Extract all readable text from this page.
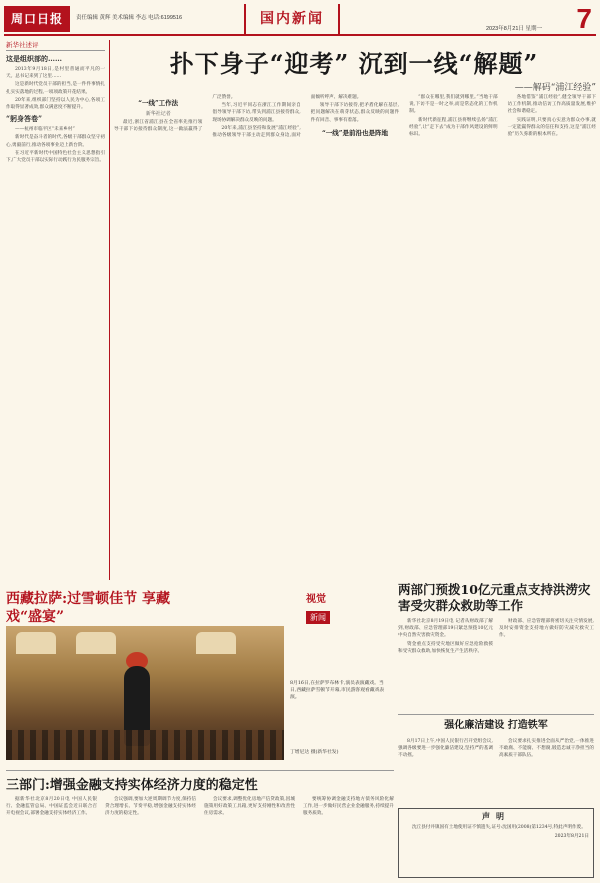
周口日报	责任编辑 黄辉 美术编辑 李志 电话:6199516	国内新闻
2023年8月21日 星期一 7
新华社述评
这是组织部的……

2013年9月18日,是村里普通而平凡的一天。总书记来到了这里……

这是新时代党员干部的担当,是一件件事情扎扎实实落地的过程,一项项政策开花结果。

20年来,组织部门坚持以人民为中心,各项工作取得显著成效,群众满意度不断提升。

“躬身答卷”

——杭州市临平区“未来乡村”

新时代是奋斗者的时代,各级干部群众坚守初心,勇毅前行,推动各项事业迈上新台阶。

在习近平新时代中国特色社会主义思想指引下,广大党员干部以实际行动践行为民服务宗旨。

扑下身子“迎考” 沉到一线“解题”
——解码“浦江经验”
“一线”工作法
新华社记者

最近,浙江省浦江县在全省率先推行领导干部下访接待群众制度,这一做法赢得了广泛赞誉。

当年,习近平同志在浙江工作期间亲自倡导领导干部下访,带头到浦江县接待群众,现场协调解决群众反映的问题。

20年来,浦江县坚持和发展“浦江经验”,推动各级领导干部主动走到群众身边,面对面倾听呼声、解决难题。

领导干部下访接待,把矛盾化解在基层,把问题解决在萌芽状态,群众反映的问题件件有回音、事事有着落。

“一线”是前沿也是阵地

“群众在哪里,我们就到哪里。”当地干部说,下访不是一时之举,而是常态化的工作机制。

新时代新征程,浦江县将继续弘扬“浦江经验”,让“走下去”成为干部作风建设的鲜明标识。

各地借鉴“浦江经验”,健全领导干部下访工作机制,推动信访工作高质量发展,维护社会和谐稳定。

实践证明,只要真心实意为群众办事,就一定能赢得群众的信任和支持,这是“浦江经验”历久弥新的根本所在。

西藏拉萨:过雪顿佳节 享藏戏“盛宴”
视觉
新闻
8月16日,在拉萨罗布林卡,演员表演藏戏。当日,西藏拉萨雪顿节开幕,市民游客观看藏戏表演。
丁增尼达 摄(新华社发)
两部门预拨10亿元重点支持洪涝灾害受灾群众救助等工作

新华社北京8月19日电 记者从财政部了解到,财政部、应急管理部19日紧急预拨10亿元中央自然灾害救灾资金。

资金重点支持受灾地区做好应急抢险救援和受灾群众救助,加快恢复生产生活秩序。

财政部、应急管理部将密切关注灾情发展,及时安排资金支持地方做好防灾减灾救灾工作。

强化廉洁建设 打造铁军

8月17日上午,中国人民银行召开党组会议,强调各级要进一步强化廉洁建设,坚持严的基调不动摇。

会议要求扎实推进全面从严治党,一体推进不敢腐、不能腐、不想腐,锻造忠诚干净担当的高素质干部队伍。

三部门:增强金融支持实体经济力度的稳定性

据新华社北京8月20日电 中国人民银行、金融监管总局、中国证监会近日联合召开电视会议,部署金融支持实体经济工作。

会议强调,要加大逆周期调节力度,保持信贷合理增长、节奏平稳,增强金融支持实体经济力度的稳定性。

会议要求,调整优化房地产信贷政策,因城施策用好政策工具箱,更好支持刚性和改善性住房需求。

要统筹协调金融支持地方债务风险化解工作,进一步做好民营企业金融服务,持续提升服务质效。	声明

沈丘县付井镇国有土地使用证不慎遗失,证号:沈国用(2008)第1234号,特此声明作废。

2023年8月21日
